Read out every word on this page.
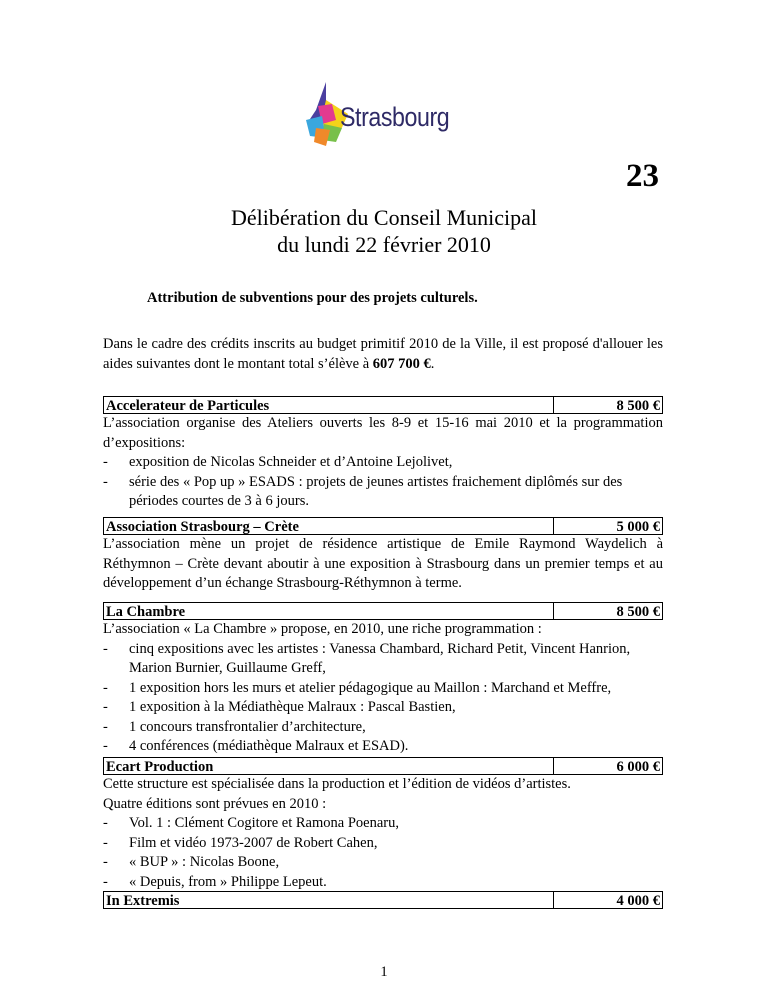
Strasbourg
23
Délibération du Conseil Municipal
du lundi 22 février 2010
Attribution de subventions pour des projets culturels.
Dans le cadre des crédits inscrits au budget primitif 2010 de la Ville, il est proposé d'allouer les aides suivantes dont le montant total s’élève à 607 700 €.
Accelerateur de Particules	8 500 €
L’association organise des Ateliers ouverts les 8-9 et 15-16 mai 2010 et la programmation d’expositions:
- exposition de Nicolas Schneider et d’Antoine Lejolivet,
- série des « Pop up » ESADS : projets de jeunes artistes fraichement diplômés sur des périodes courtes de 3 à 6 jours.
Association Strasbourg – Crète	5 000 €
L’association mène un projet de résidence artistique de Emile Raymond Waydelich à Réthymnon – Crète devant aboutir à une exposition à Strasbourg dans un premier temps et au développement d’un échange Strasbourg-Réthymnon à terme.
La Chambre	8 500 €
L’association « La Chambre » propose, en 2010, une riche programmation :
- cinq expositions avec les artistes : Vanessa Chambard, Richard Petit, Vincent Hanrion, Marion Burnier, Guillaume Greff,
- 1 exposition hors les murs et atelier pédagogique au Maillon : Marchand et Meffre,
- 1 exposition à la Médiathèque Malraux : Pascal Bastien,
- 1 concours transfrontalier d’architecture,
- 4 conférences (médiathèque Malraux et ESAD).
Ecart Production	6 000 €
Cette structure est spécialisée dans la production et l’édition de vidéos d’artistes.
Quatre éditions sont prévues en 2010 :
- Vol. 1 : Clément Cogitore et Ramona Poenaru,
- Film et vidéo 1973-2007 de Robert Cahen,
- « BUP » : Nicolas Boone,
- « Depuis, from » Philippe Lepeut.
In Extremis	4 000 €
1
